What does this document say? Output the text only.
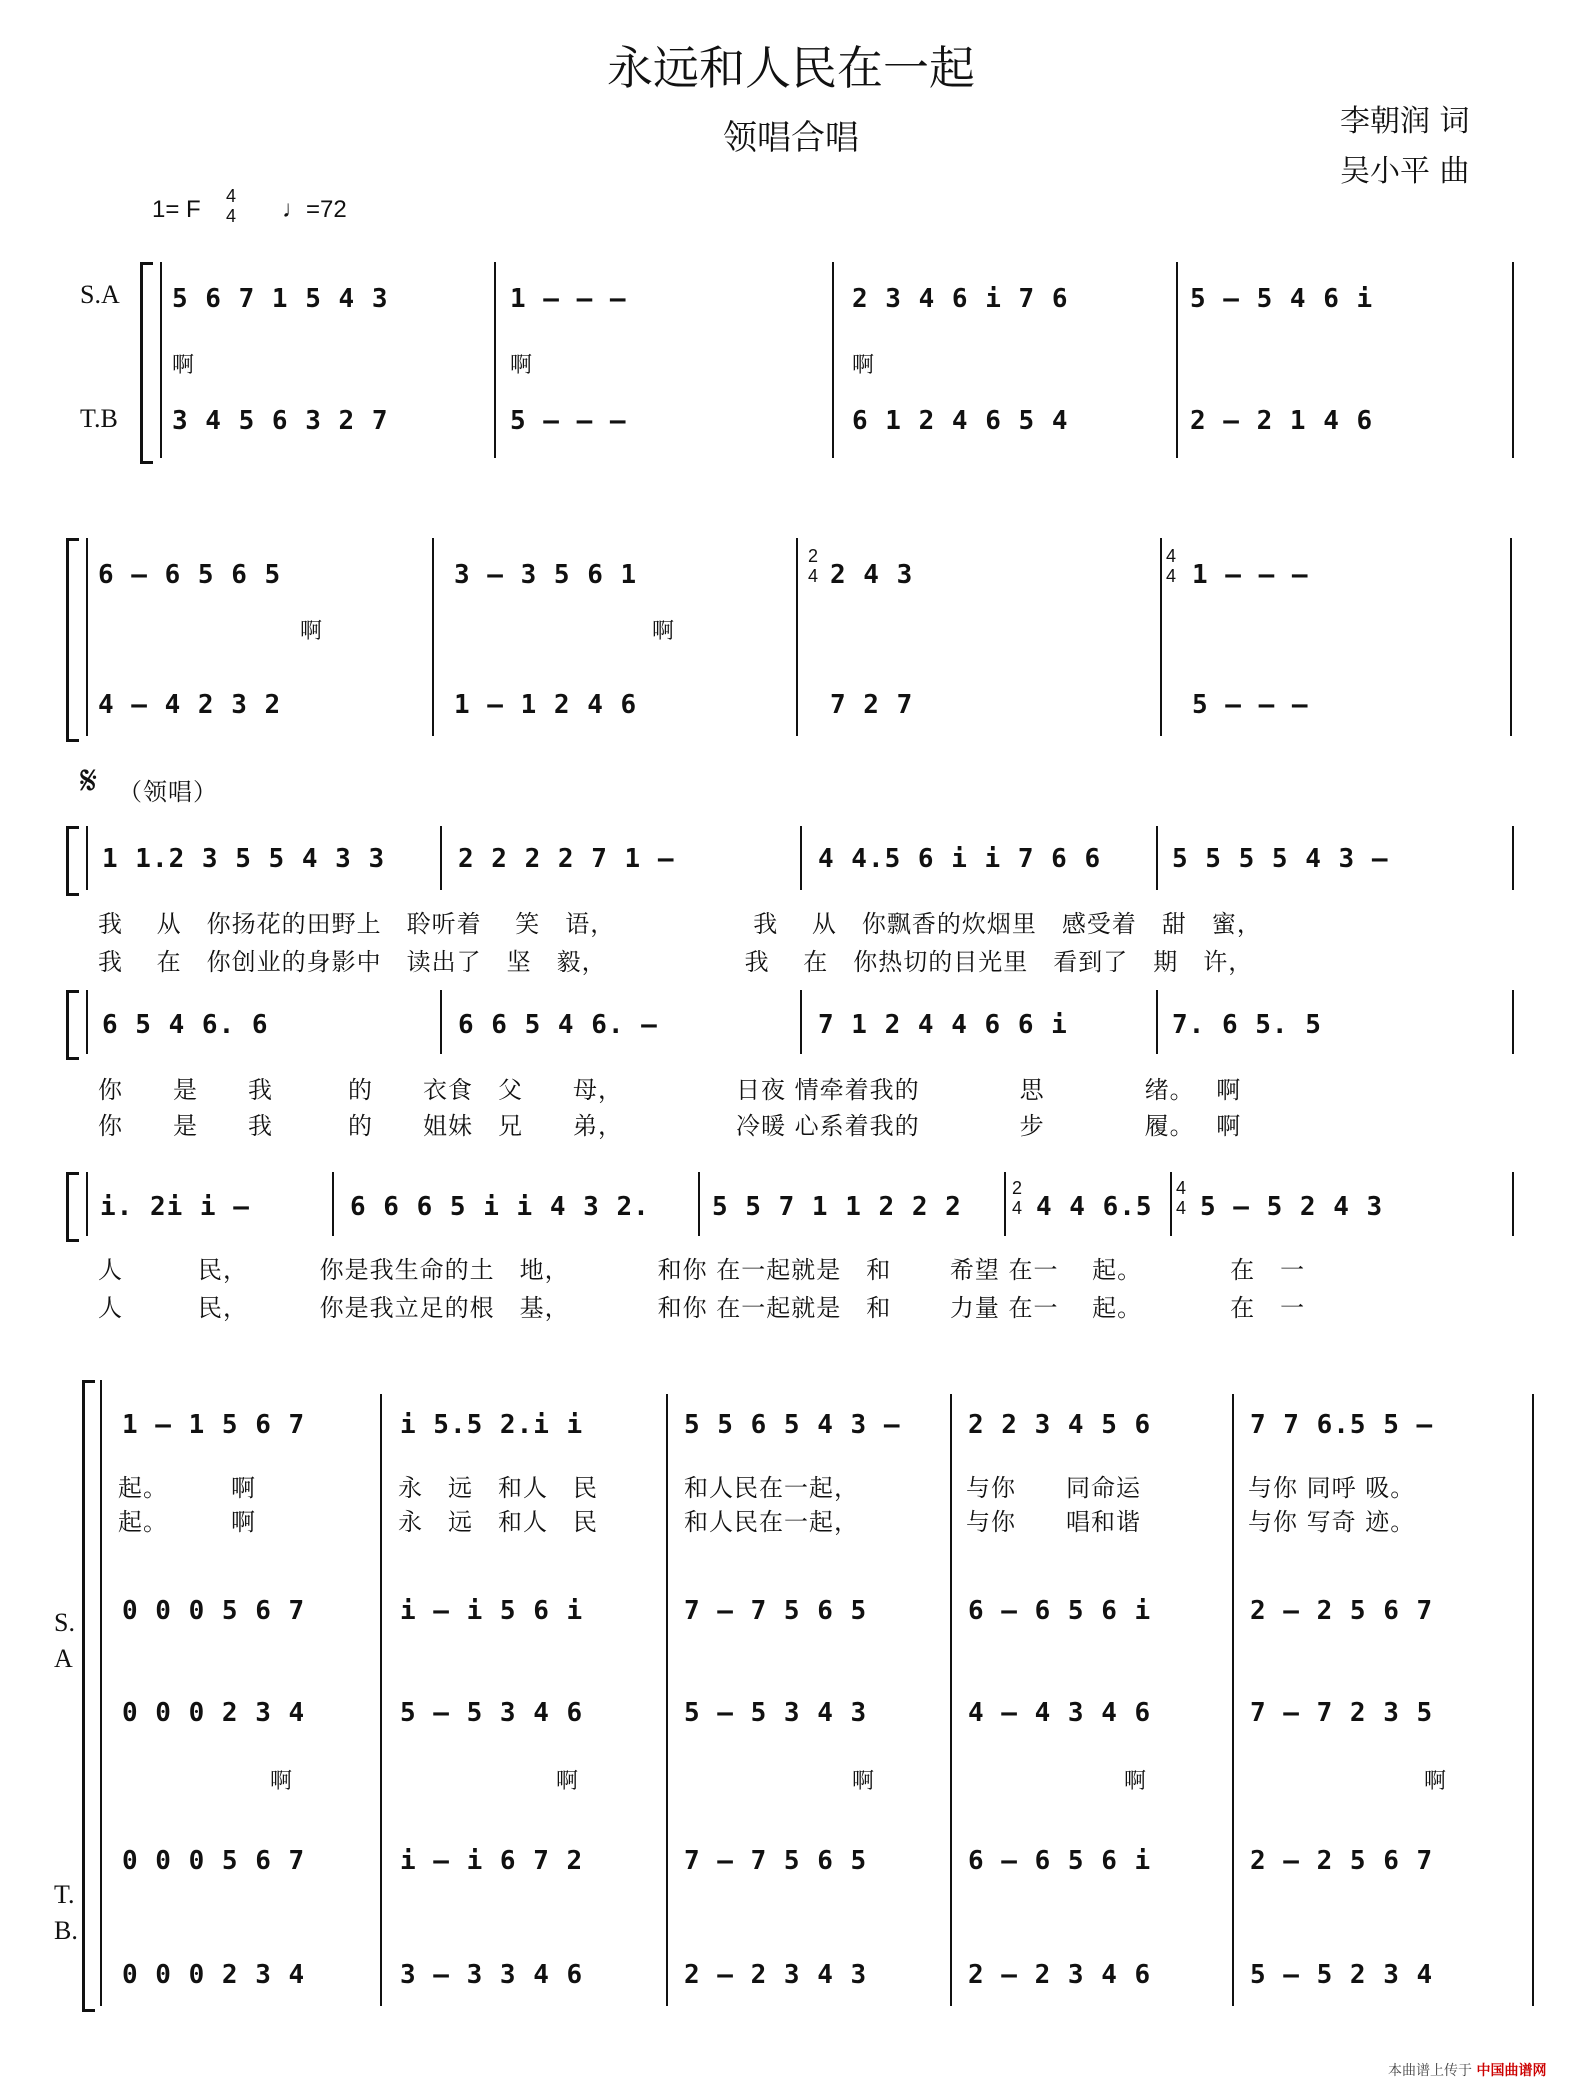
永远和人民在一起
领唱合唱	李朝润 词
吴小平 曲
1= F 4
4 ♩=72
S.A
T.B
5 6 7 1 5 4 3	1 – – –	2 3 4 6 i 7 6	5 – 5 4 6 i
啊	啊	啊
3 4 5 6 3 2 7	5 – – –	6 1 2 4 6 5 4	2 – 2 1 4 6
6 – 6 5 6 5	3 – 3 5 6 1
2
4 2 4 3
4
4 1 – – –
啊	啊
4 – 4 2 3 2	1 – 1 2 4 6	7 2 7	5 – – –
𝄋 （领唱）
1 1.2 3 5 5 4 3 3	2 2 2 2 7 1 –	4 4.5 6 i i 7 6 6	5 5 5 5 4 3 –
我　 从　你扬花的田野上　聆听着　 笑　语，　　　　　　我　 从　你飘香的炊烟里　感受着　甜　蜜，
我　 在　你创业的身影中　读出了　坚　毅，　　　　　　我　 在　你热切的目光里　看到了　期　许，
6 5 4 6. 6	6 6 5 4 6. –	7 1 2 4 4 6 6 i	7. 6 5. 5
你　　是　　我　　　的　　衣食　父　　母，　　　　　日夜 情牵着我的　　　　思　　　　绪。　 啊
你　　是　　我　　　的　　姐妹　兄　　弟，　　　　　冷暖 心系着我的　　　　步　　　　履。　 啊
i. 2i i –	6 6 6 5 i i 4 3 2. 5 5 7 1 1 2 2 2
2
4 4 4 6.5
4
4 5 – 5 2 4 3
人　　　民，　　　 你是我生命的土　地，　　　　和你 在一起就是　和　　 希望 在一　 起。　　　　在　一
人　　　民，　　　 你是我立足的根　基，　　　　和你 在一起就是　和　　 力量 在一　 起。　　　　在　一
1 – 1 5 6 7	i 5.5 2.i i	5 5 6 5 4 3 –	2 2 3 4 5 6	7 7 6.5 5 –
起。　　　啊	永　远　和人　民	和人民在一起，	与你　　同命运	与你 同呼 吸。
起。　　　啊	永　远　和人　民	和人民在一起，	与你　　唱和谐	与你 写奇 迹。
S.
A
T.
B.
0 0 0 5 6 7	i – i 5 6 i	7 – 7 5 6 5	6 – 6 5 6 i	2 – 2 5 6 7
0 0 0 2 3 4	5 – 5 3 4 6	5 – 5 3 4 3	4 – 4 3 4 6	7 – 7 2 3 5
啊	啊	啊	啊	啊
0 0 0 5 6 7	i – i 6 7 2	7 – 7 5 6 5	6 – 6 5 6 i	2 – 2 5 6 7
0 0 0 2 3 4	3 – 3 3 4 6	2 – 2 3 4 3	2 – 2 3 4 6	5 – 5 2 3 4
本曲谱上传于 中国曲谱网
